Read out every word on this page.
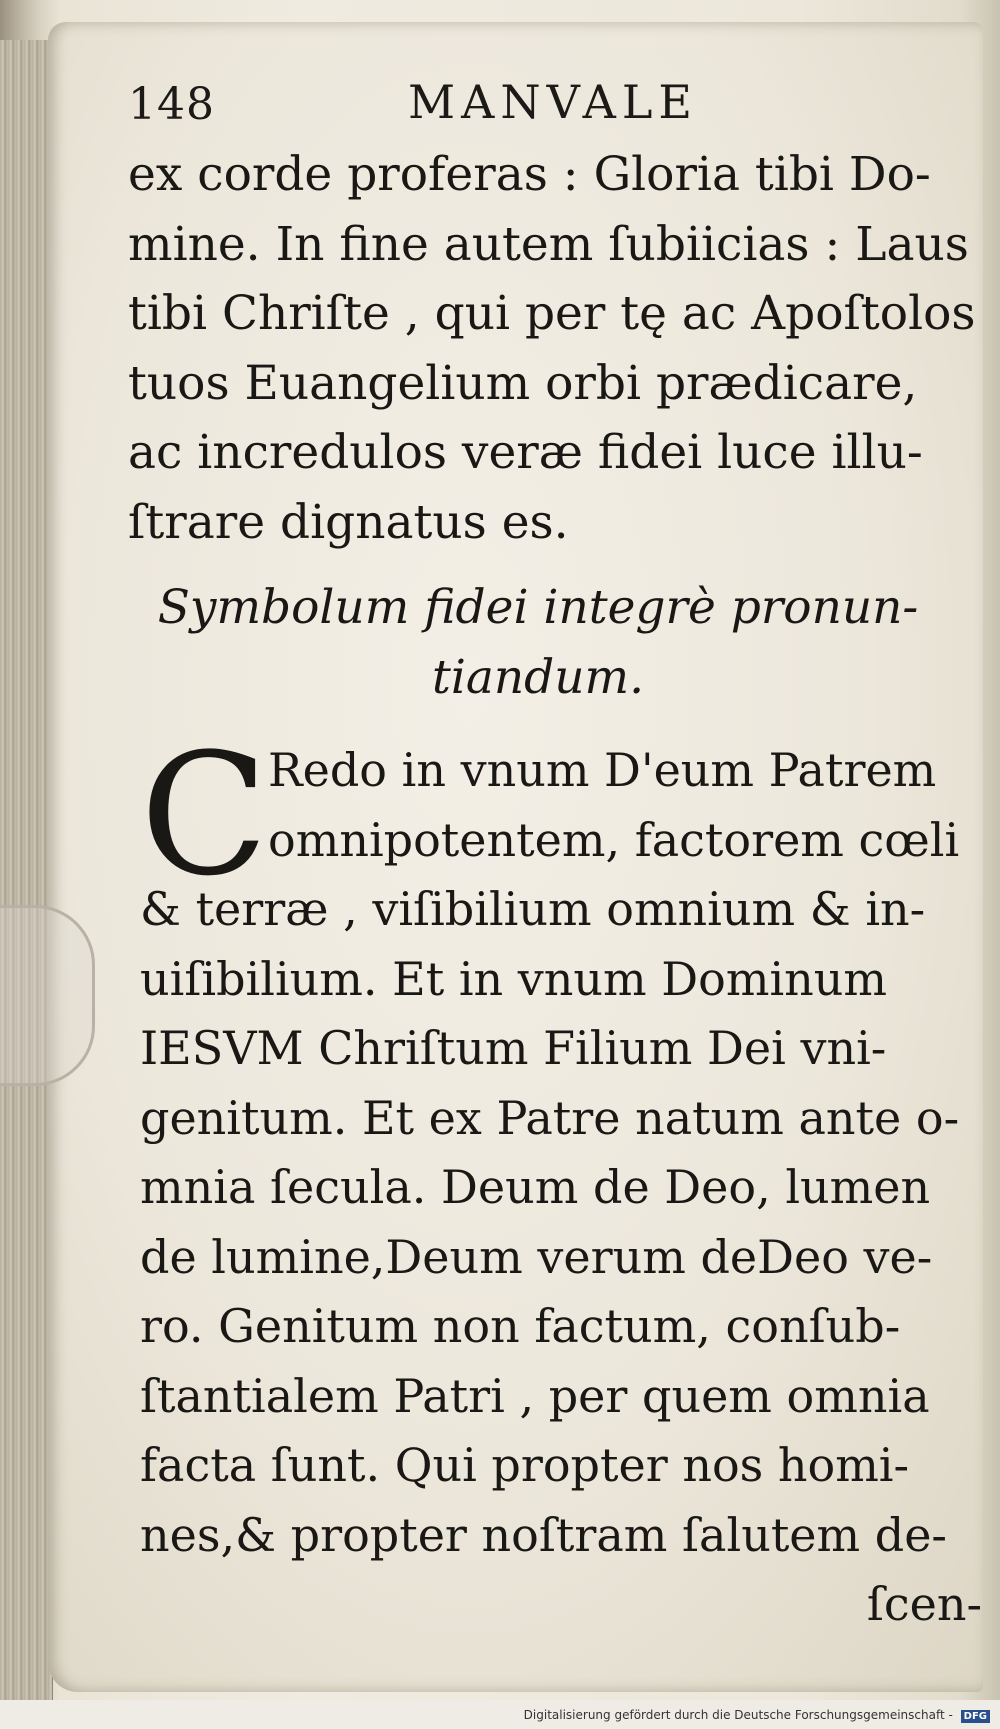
148	MANVALE
ex corde proferas : Gloria tibi Do-
mine. In fine autem ſubiicias : Laus
tibi Chriſte , qui per tę ac Apoſtolos
tuos Euangelium orbi prædicare,
ac incredulos veræ fidei luce illu-
ſtrare dignatus es.
Symbolum fidei integrè pronun-
tiandum.
C Redo in vnum D'eum Patrem
omnipotentem, factorem cœli
& terræ , viſibilium omnium & in-
uiſibilium. Et in vnum Dominum
IESVM Chriſtum Filium Dei vni-
genitum. Et ex Patre natum ante o-
mnia ſecula. Deum de Deo, lumen
de lumine,Deum verum deDeo ve-
ro. Genitum non factum, conſub-
ſtantialem Patri , per quem omnia
facta ſunt. Qui propter nos homi-
nes,& propter noſtram ſalutem de-
ſcen-
Digitalisierung gefördert durch die Deutsche Forschungsgemeinschaft - DFG
